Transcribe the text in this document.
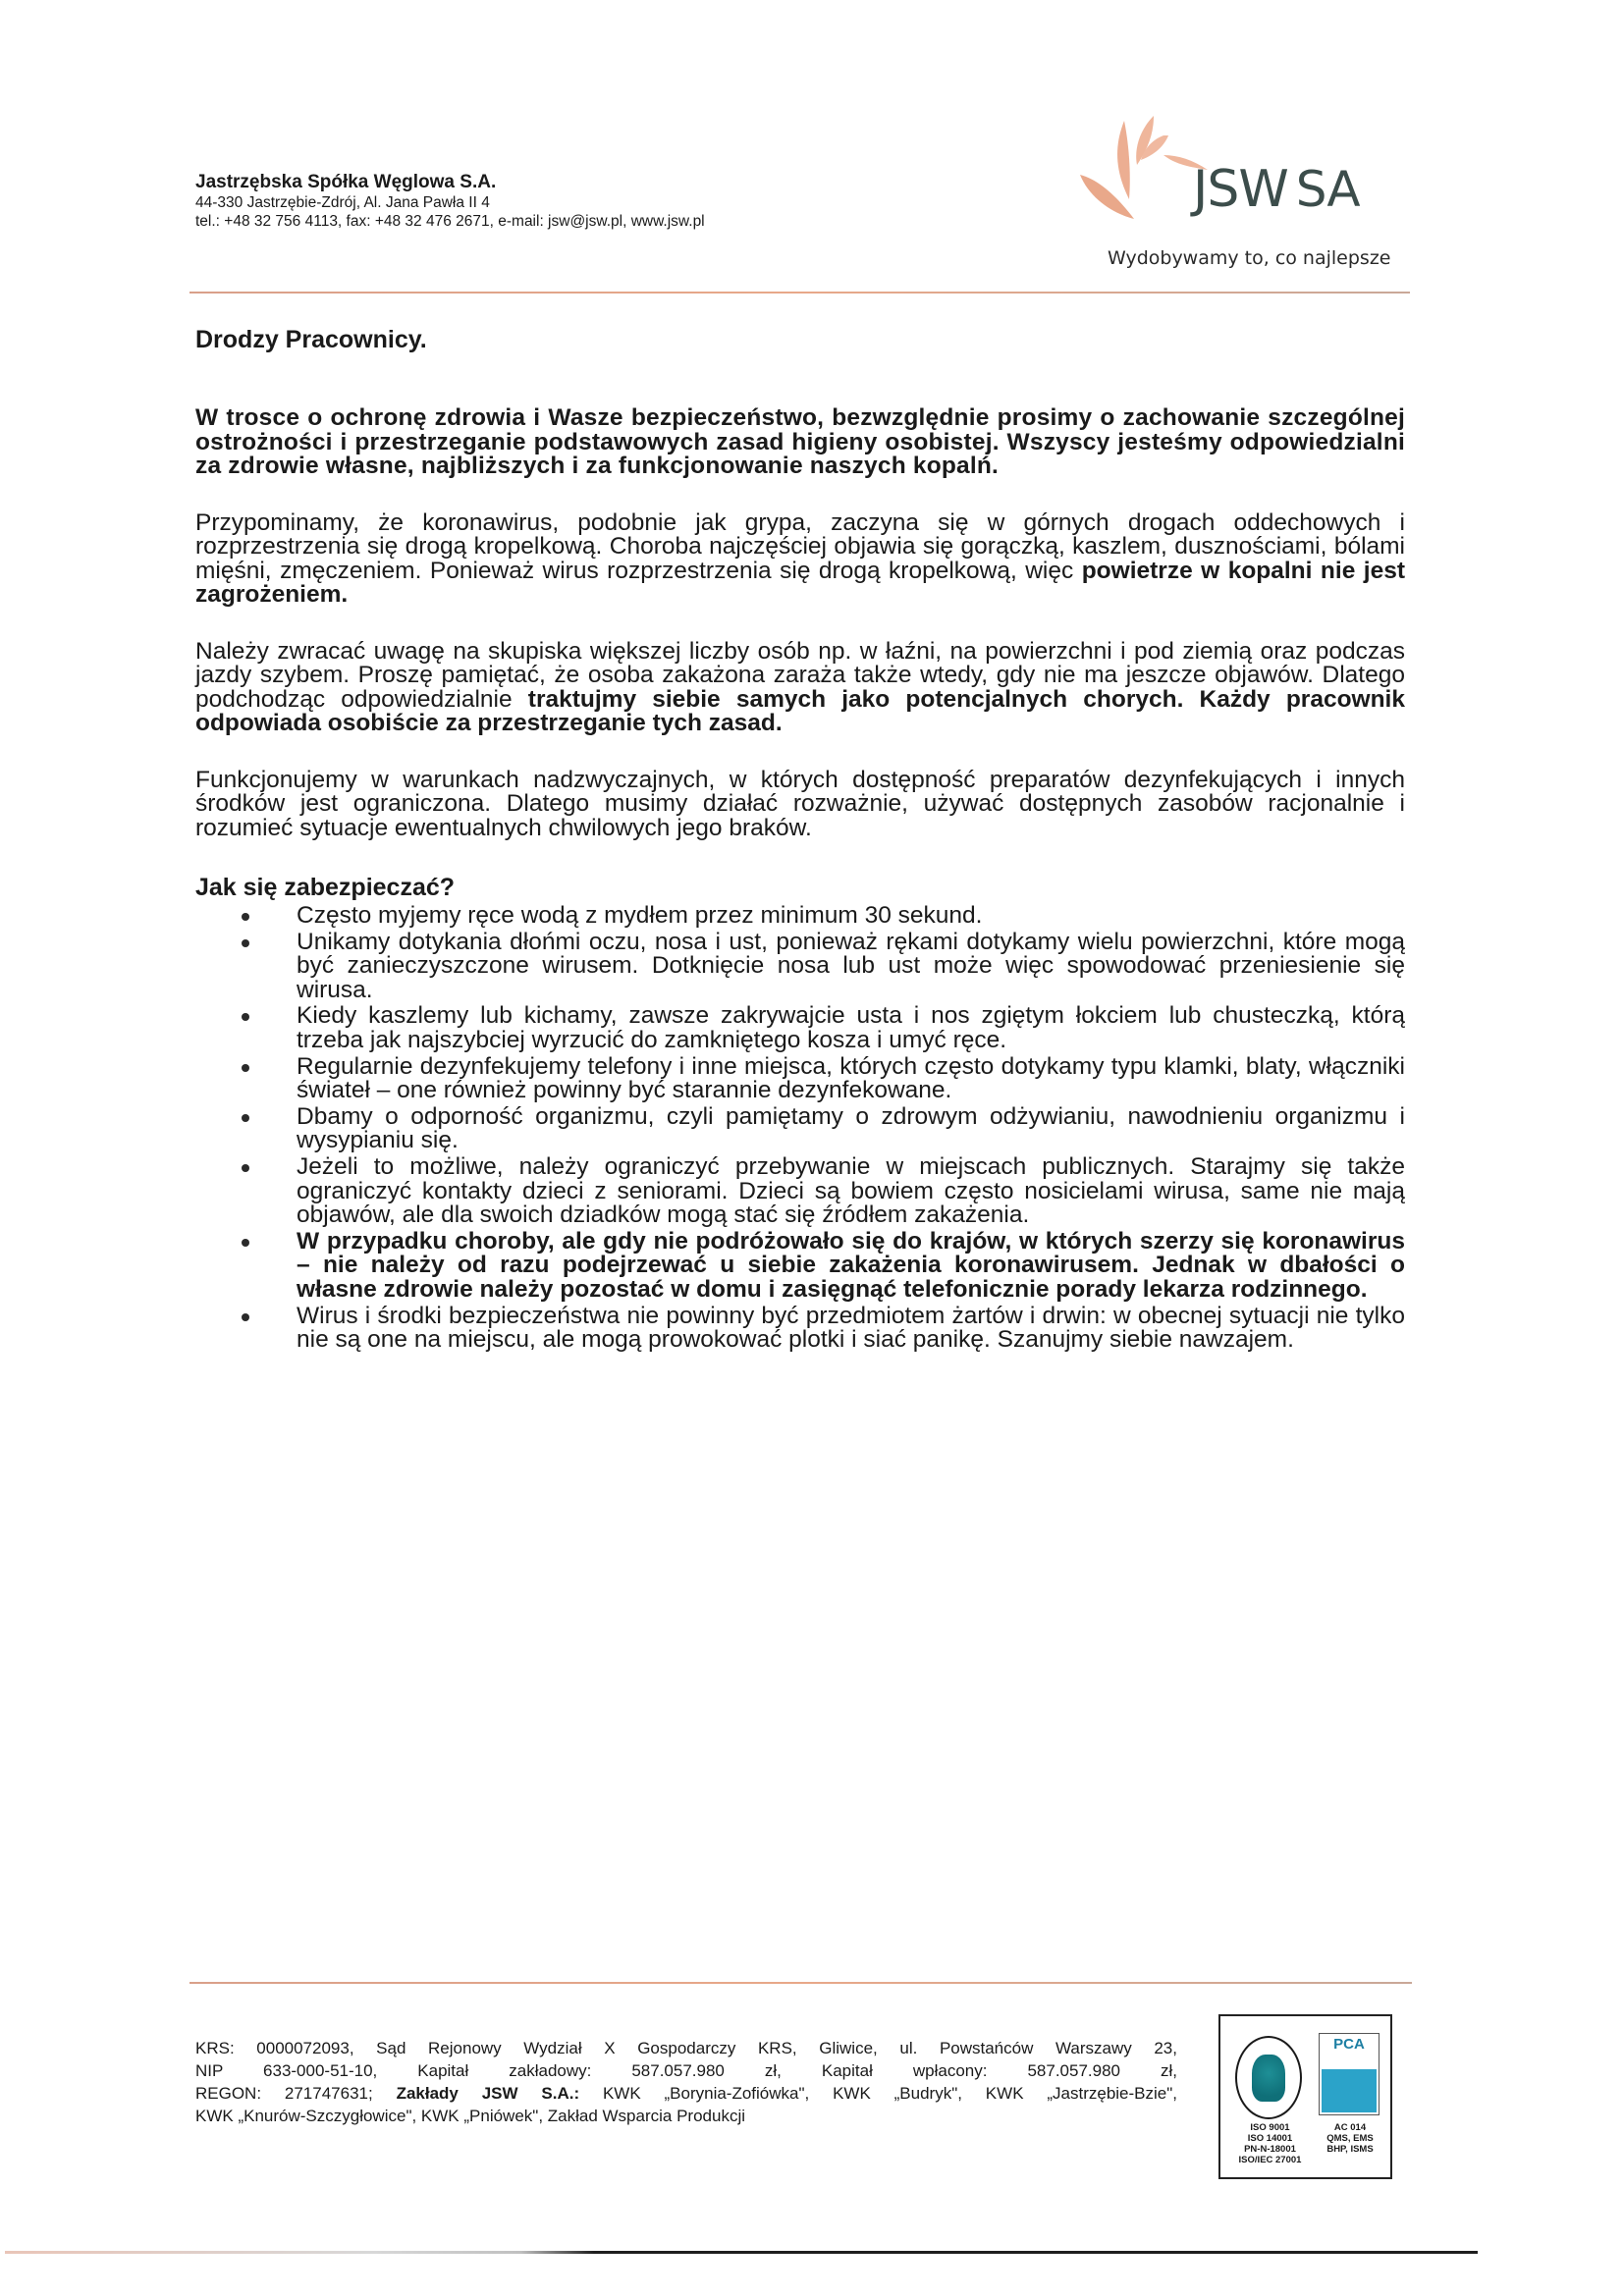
Jastrzębska Spółka Węglowa S.A.
44-330 Jastrzębie-Zdrój, Al. Jana Pawła II 4
tel.: +48 32 756 4113, fax: +48 32 476 2671, e-mail: jsw@jsw.pl, www.jsw.pl
JSW SA
Wydobywamy to, co najlepsze
Drodzy Pracownicy.

W trosce o ochronę zdrowia i Wasze bezpieczeństwo, bezwzględnie prosimy o zachowanie szczególnej ostrożności i przestrzeganie podstawowych zasad higieny osobistej. Wszyscy jesteśmy odpowiedzialni za zdrowie własne, najbliższych i za funkcjonowanie naszych kopalń.

Przypominamy, że koronawirus, podobnie jak grypa, zaczyna się w górnych drogach oddechowych i rozprzestrzenia się drogą kropelkową. Choroba najczęściej objawia się gorączką, kaszlem, dusznościami, bólami mięśni, zmęczeniem. Ponieważ wirus rozprzestrzenia się drogą kropelkową, więc powietrze w kopalni nie jest zagrożeniem.

Należy zwracać uwagę na skupiska większej liczby osób np. w łaźni, na powierzchni i pod ziemią oraz podczas jazdy szybem. Proszę pamiętać, że osoba zakażona zaraża także wtedy, gdy nie ma jeszcze objawów. Dlatego podchodząc odpowiedzialnie traktujmy siebie samych jako potencjalnych chorych. Każdy pracownik odpowiada osobiście za przestrzeganie tych zasad.

Funkcjonujemy w warunkach nadzwyczajnych, w których dostępność preparatów dezynfekujących i innych środków jest ograniczona. Dlatego musimy działać rozważnie, używać dostępnych zasobów racjonalnie i rozumieć sytuacje ewentualnych chwilowych jego braków.

Jak się zabezpieczać?
Często myjemy ręce wodą z mydłem przez minimum 30 sekund.
Unikamy dotykania dłońmi oczu, nosa i ust, ponieważ rękami dotykamy wielu powierzchni, które mogą być zanieczyszczone wirusem. Dotknięcie nosa lub ust może więc spowodować przeniesienie się wirusa.
Kiedy kaszlemy lub kichamy, zawsze zakrywajcie usta i nos zgiętym łokciem lub chusteczką, którą trzeba jak najszybciej wyrzucić do zamkniętego kosza i umyć ręce.
Regularnie dezynfekujemy telefony i inne miejsca, których często dotykamy typu klamki, blaty, włączniki świateł – one również powinny być starannie dezynfekowane.
Dbamy o odporność organizmu, czyli pamiętamy o zdrowym odżywianiu, nawodnieniu organizmu i wysypianiu się.
Jeżeli to możliwe, należy ograniczyć przebywanie w miejscach publicznych. Starajmy się także ograniczyć kontakty dzieci z seniorami. Dzieci są bowiem często nosicielami wirusa, same nie mają objawów, ale dla swoich dziadków mogą stać się źródłem zakażenia.
W przypadku choroby, ale gdy nie podróżowało się do krajów, w których szerzy się koronawirus – nie należy od razu podejrzewać u siebie zakażenia koronawirusem. Jednak w dbałości o własne zdrowie należy pozostać w domu i zasięgnąć telefonicznie porady lekarza rodzinnego.
Wirus i środki bezpieczeństwa nie powinny być przedmiotem żartów i drwin: w obecnej sytuacji nie tylko nie są one na miejscu, ale mogą prowokować plotki i siać panikę. Szanujmy siebie nawzajem.
KRS: 0000072093, Sąd Rejonowy Wydział X Gospodarczy KRS, Gliwice, ul. Powstańców Warszawy 23,
NIP 633-000-51-10, Kapitał zakładowy: 587.057.980 zł, Kapitał wpłacony: 587.057.980 zł,
REGON: 271747631; Zakłady JSW S.A.: KWK „Borynia-Zofiówka", KWK „Budryk", KWK „Jastrzębie-Bzie",
KWK „Knurów-Szczygłowice", KWK „Pniówek", Zakład Wsparcia Produkcji
PCA
ISO 9001
ISO 14001
PN-N-18001
ISO/IEC 27001
AC 014
QMS, EMS
BHP, ISMS
